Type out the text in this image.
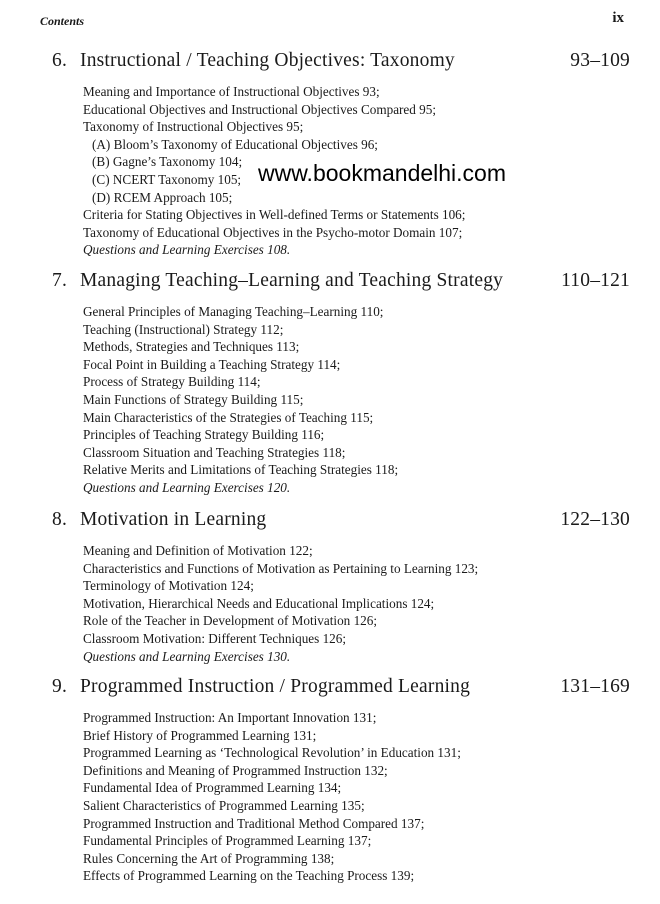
Contents	ix
6. Instructional / Teaching Objectives: Taxonomy	93–109
Meaning and Importance of Instructional Objectives 93;
Educational Objectives and Instructional Objectives Compared 95;
Taxonomy of Instructional Objectives 95;
(A) Bloom’s Taxonomy of Educational Objectives 96;
(B) Gagne’s Taxonomy 104;
(C) NCERT Taxonomy 105;
(D) RCEM Approach 105;
Criteria for Stating Objectives in Well-defined Terms or Statements 106;
Taxonomy of Educational Objectives in the Psycho-motor Domain 107;
Questions and Learning Exercises 108.
7. Managing Teaching–Learning and Teaching Strategy	110–121
General Principles of Managing Teaching–Learning 110;
Teaching (Instructional) Strategy 112;
Methods, Strategies and Techniques 113;
Focal Point in Building a Teaching Strategy 114;
Process of Strategy Building 114;
Main Functions of Strategy Building 115;
Main Characteristics of the Strategies of Teaching 115;
Principles of Teaching Strategy Building 116;
Classroom Situation and Teaching Strategies 118;
Relative Merits and Limitations of Teaching Strategies 118;
Questions and Learning Exercises 120.
8. Motivation in Learning	122–130
Meaning and Definition of Motivation 122;
Characteristics and Functions of Motivation as Pertaining to Learning 123;
Terminology of Motivation 124;
Motivation, Hierarchical Needs and Educational Implications 124;
Role of the Teacher in Development of Motivation 126;
Classroom Motivation: Different Techniques 126;
Questions and Learning Exercises 130.
9. Programmed Instruction / Programmed Learning	131–169
Programmed Instruction: An Important Innovation 131;
Brief History of Programmed Learning 131;
Programmed Learning as ‘Technological Revolution’ in Education 131;
Definitions and Meaning of Programmed Instruction 132;
Fundamental Idea of Programmed Learning 134;
Salient Characteristics of Programmed Learning 135;
Programmed Instruction and Traditional Method Compared 137;
Fundamental Principles of Programmed Learning 137;
Rules Concerning the Art of Programming 138;
Effects of Programmed Learning on the Teaching Process 139;
www.bookmandelhi.com
